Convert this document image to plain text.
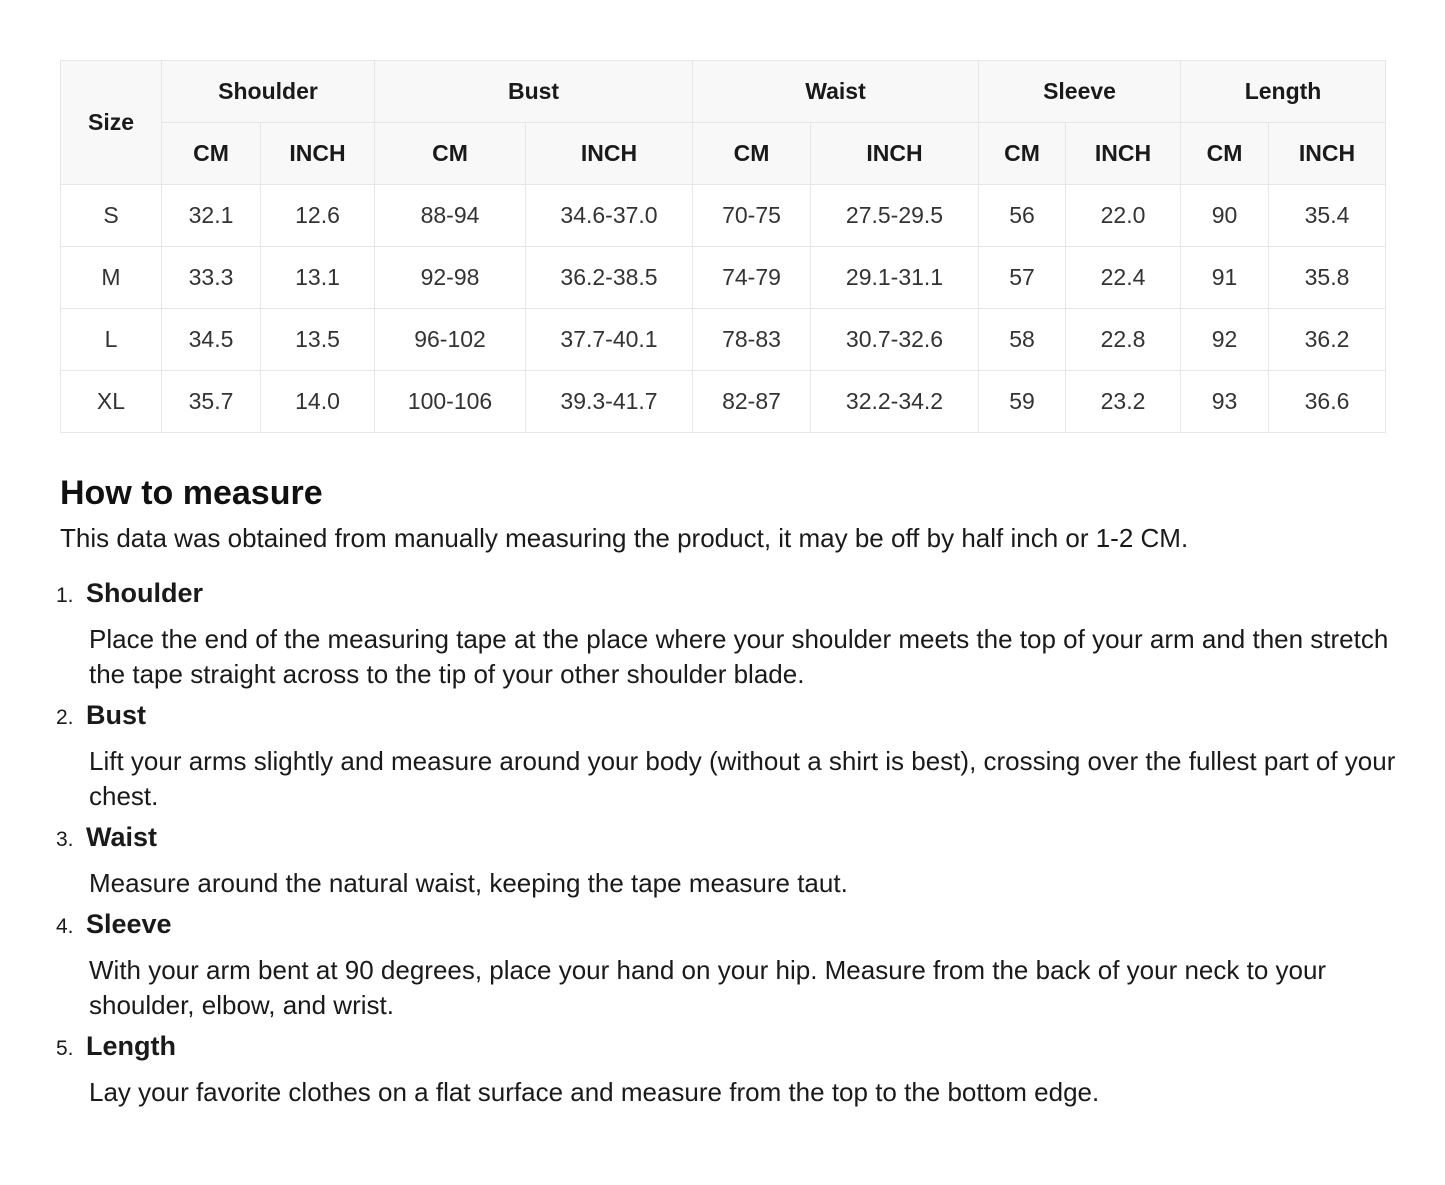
Size	Shoulder		Bust		Waist		Sleeve		Length	
	CM	INCH	CM	INCH	CM	INCH	CM	INCH	CM	INCH
S	32.1	12.6	88-94	34.6-37.0	70-75	27.5-29.5	56	22.0	90	35.4
M	33.3	13.1	92-98	36.2-38.5	74-79	29.1-31.1	57	22.4	91	35.8
L	34.5	13.5	96-102	37.7-40.1	78-83	30.7-32.6	58	22.8	92	36.2
XL	35.7	14.0	100-106	39.3-41.7	82-87	32.2-34.2	59	23.2	93	36.6
How to measure

This data was obtained from manually measuring the product, it may be off by half inch or 1-2 CM.

1. Shoulder
Place the end of the measuring tape at the place where your shoulder meets the top of your arm and then stretch the tape straight across to the tip of your other shoulder blade.
2. Bust
Lift your arms slightly and measure around your body (without a shirt is best), crossing over the fullest part of your chest.
3. Waist
Measure around the natural waist, keeping the tape measure taut.
4. Sleeve
With your arm bent at 90 degrees, place your hand on your hip. Measure from the back of your neck to your shoulder, elbow, and wrist.
5. Length
Lay your favorite clothes on a flat surface and measure from the top to the bottom edge.
